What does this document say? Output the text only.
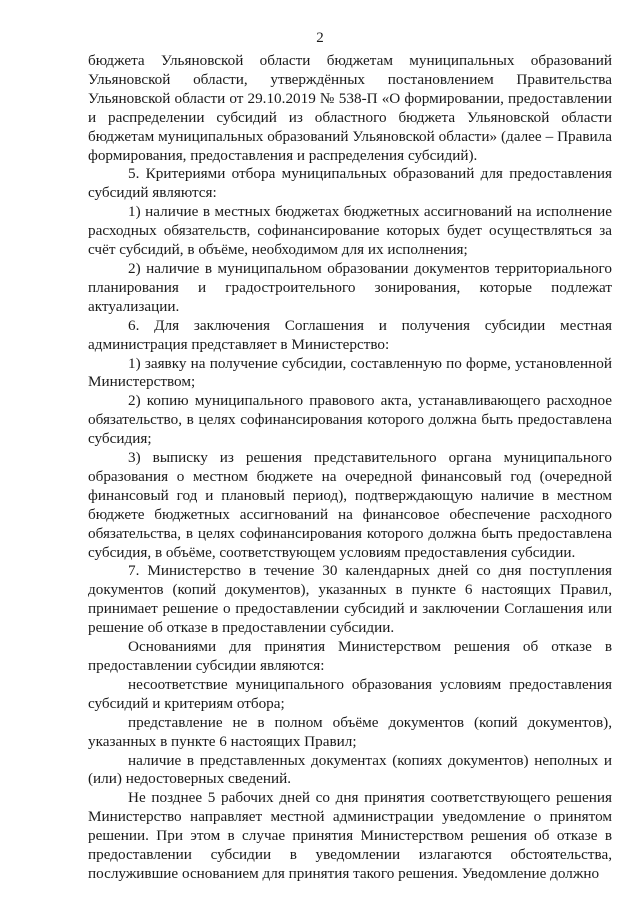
2

бюджета Ульяновской области бюджетам муниципальных образований Ульяновской области, утверждённых постановлением Правительства Ульяновской области от 29.10.2019 № 538-П «О формировании, предоставлении и распределении субсидий из областного бюджета Ульяновской области бюджетам муниципальных образований Ульяновской области» (далее – Правила формирования, предоставления и распределения субсидий).

5. Критериями отбора муниципальных образований для предоставления субсидий являются:

1) наличие в местных бюджетах бюджетных ассигнований на исполнение расходных обязательств, софинансирование которых будет осуществляться за счёт субсидий, в объёме, необходимом для их исполнения;

2) наличие в муниципальном образовании документов территориального планирования и градостроительного зонирования, которые подлежат актуализации.

6. Для заключения Соглашения и получения субсидии местная администрация представляет в Министерство:

1) заявку на получение субсидии, составленную по форме, установленной Министерством;

2) копию муниципального правового акта, устанавливающего расходное обязательство, в целях софинансирования которого должна быть предоставлена субсидия;

3) выписку из решения представительного органа муниципального образования о местном бюджете на очередной финансовый год (очередной финансовый год и плановый период), подтверждающую наличие в местном бюджете бюджетных ассигнований на финансовое обеспечение расходного обязательства, в целях софинансирования которого должна быть предоставлена субсидия, в объёме, соответствующем условиям предоставления субсидии.

7. Министерство в течение 30 календарных дней со дня поступления документов (копий документов), указанных в пункте 6 настоящих Правил, принимает решение о предоставлении субсидий и заключении Соглашения или решение об отказе в предоставлении субсидии.

Основаниями для принятия Министерством решения об отказе в предоставлении субсидии являются:

несоответствие муниципального образования условиям предоставления субсидий и критериям отбора;

представление не в полном объёме документов (копий документов), указанных в пункте 6 настоящих Правил;

наличие в представленных документах (копиях документов) неполных и (или) недостоверных сведений.

Не позднее 5 рабочих дней со дня принятия соответствующего решения Министерство направляет местной администрации уведомление о принятом решении. При этом в случае принятия Министерством решения об отказе в предоставлении субсидии в уведомлении излагаются обстоятельства, послужившие основанием для принятия такого решения. Уведомление должно
